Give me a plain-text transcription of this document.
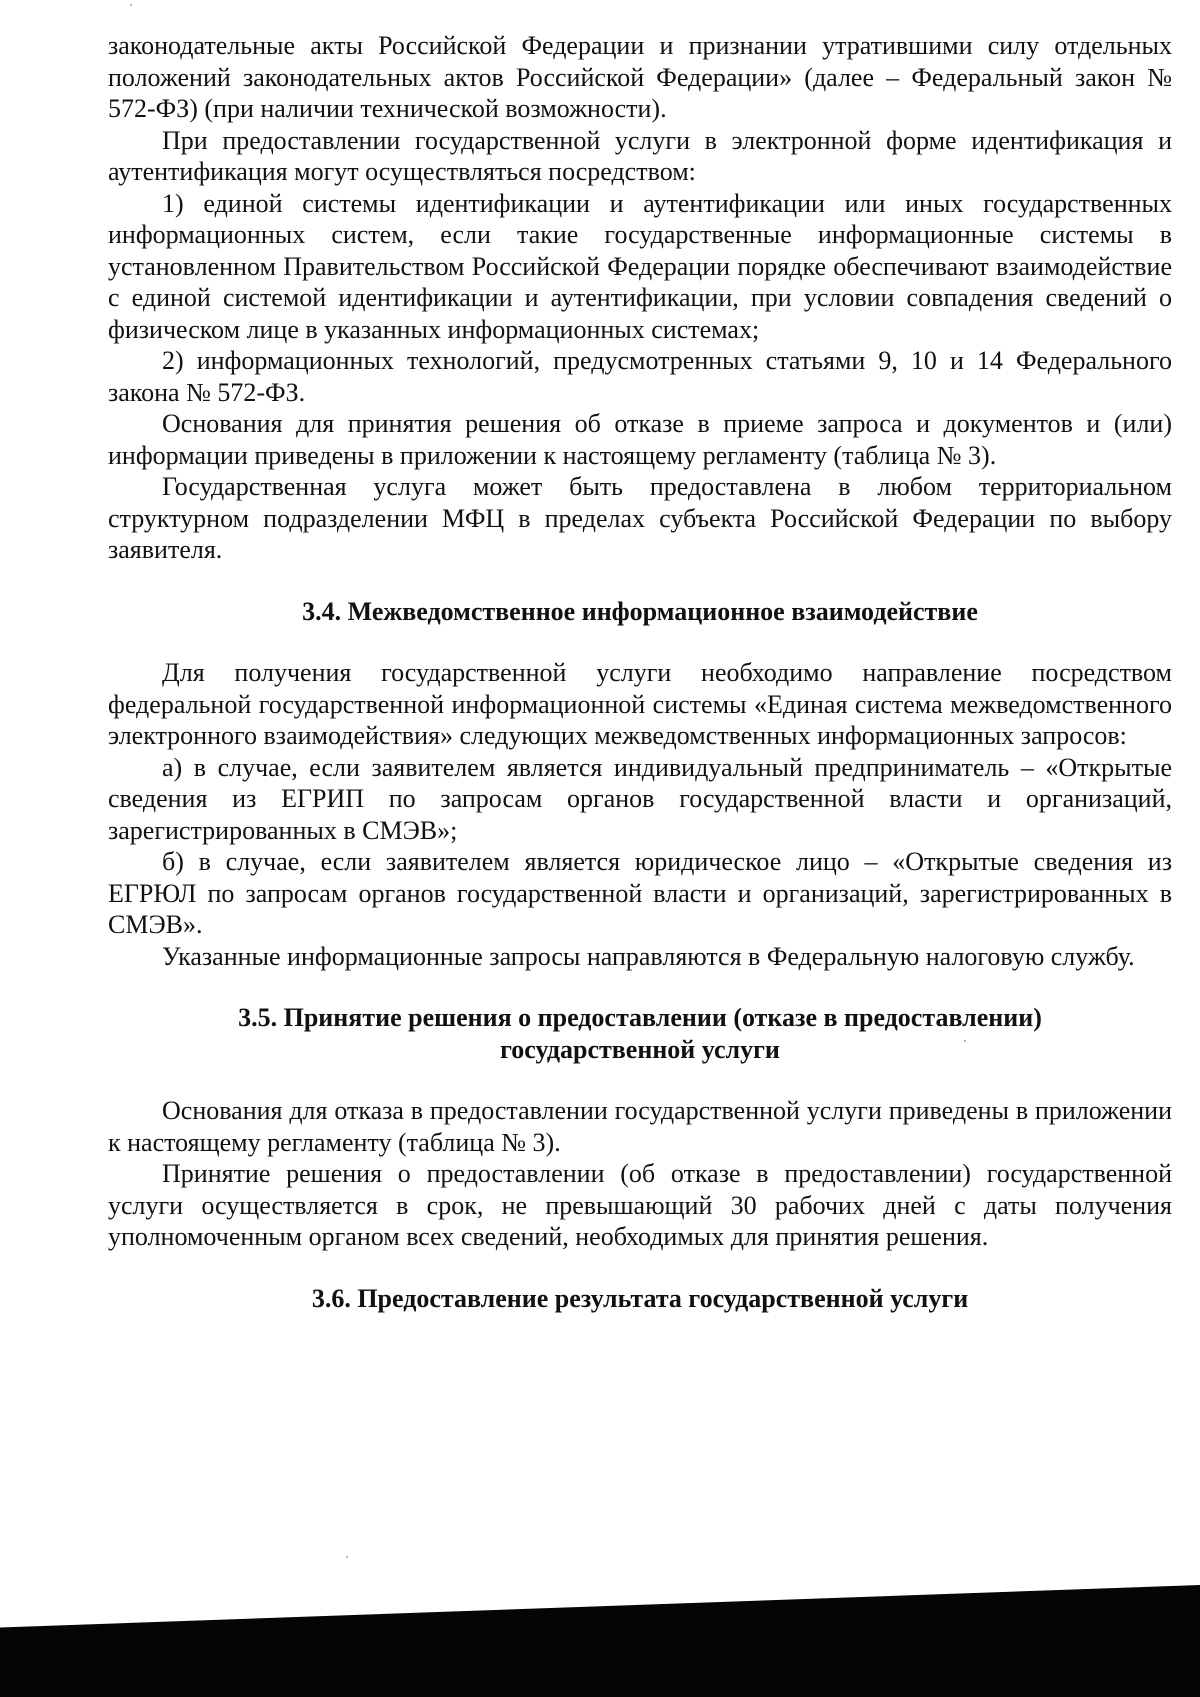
законодательные акты Российской Федерации и признании утратившими силу отдельных положений законодательных актов Российской Федерации» (далее – Федеральный закон № 572-ФЗ) (при наличии технической возможности).

При предоставлении государственной услуги в электронной форме идентификация и аутентификация могут осуществляться посредством:

1) единой системы идентификации и аутентификации или иных государственных информационных систем, если такие государственные информационные системы в установленном Правительством Российской Федерации порядке обеспечивают взаимодействие с единой системой идентификации и аутентификации, при условии совпадения сведений о физическом лице в указанных информационных системах;

2) информационных технологий, предусмотренных статьями 9, 10 и 14 Федерального закона № 572-ФЗ.

Основания для принятия решения об отказе в приеме запроса и документов и (или) информации приведены в приложении к настоящему регламенту (таблица № 3).

Государственная услуга может быть предоставлена в любом территориальном структурном подразделении МФЦ в пределах субъекта Российской Федерации по выбору заявителя.

3.4. Межведомственное информационное взаимодействие

Для получения государственной услуги необходимо направление посредством федеральной государственной информационной системы «Единая система межведомственного электронного взаимодействия» следующих межведомственных информационных запросов:

а) в случае, если заявителем является индивидуальный предприниматель – «Открытые сведения из ЕГРИП по запросам органов государственной власти и организаций, зарегистрированных в СМЭВ»;

б) в случае, если заявителем является юридическое лицо – «Открытые сведения из ЕГРЮЛ по запросам органов государственной власти и организаций, зарегистрированных в СМЭВ».

Указанные информационные запросы направляются в Федеральную налоговую службу.

3.5. Принятие решения о предоставлении (отказе в предоставлении)
государственной услуги

Основания для отказа в предоставлении государственной услуги приведены в приложении к настоящему регламенту (таблица № 3).

Принятие решения о предоставлении (об отказе в предоставлении) государственной услуги осуществляется в срок, не превышающий 30 рабочих дней с даты получения уполномоченным органом всех сведений, необходимых для принятия решения.

3.6. Предоставление результата государственной услуги
